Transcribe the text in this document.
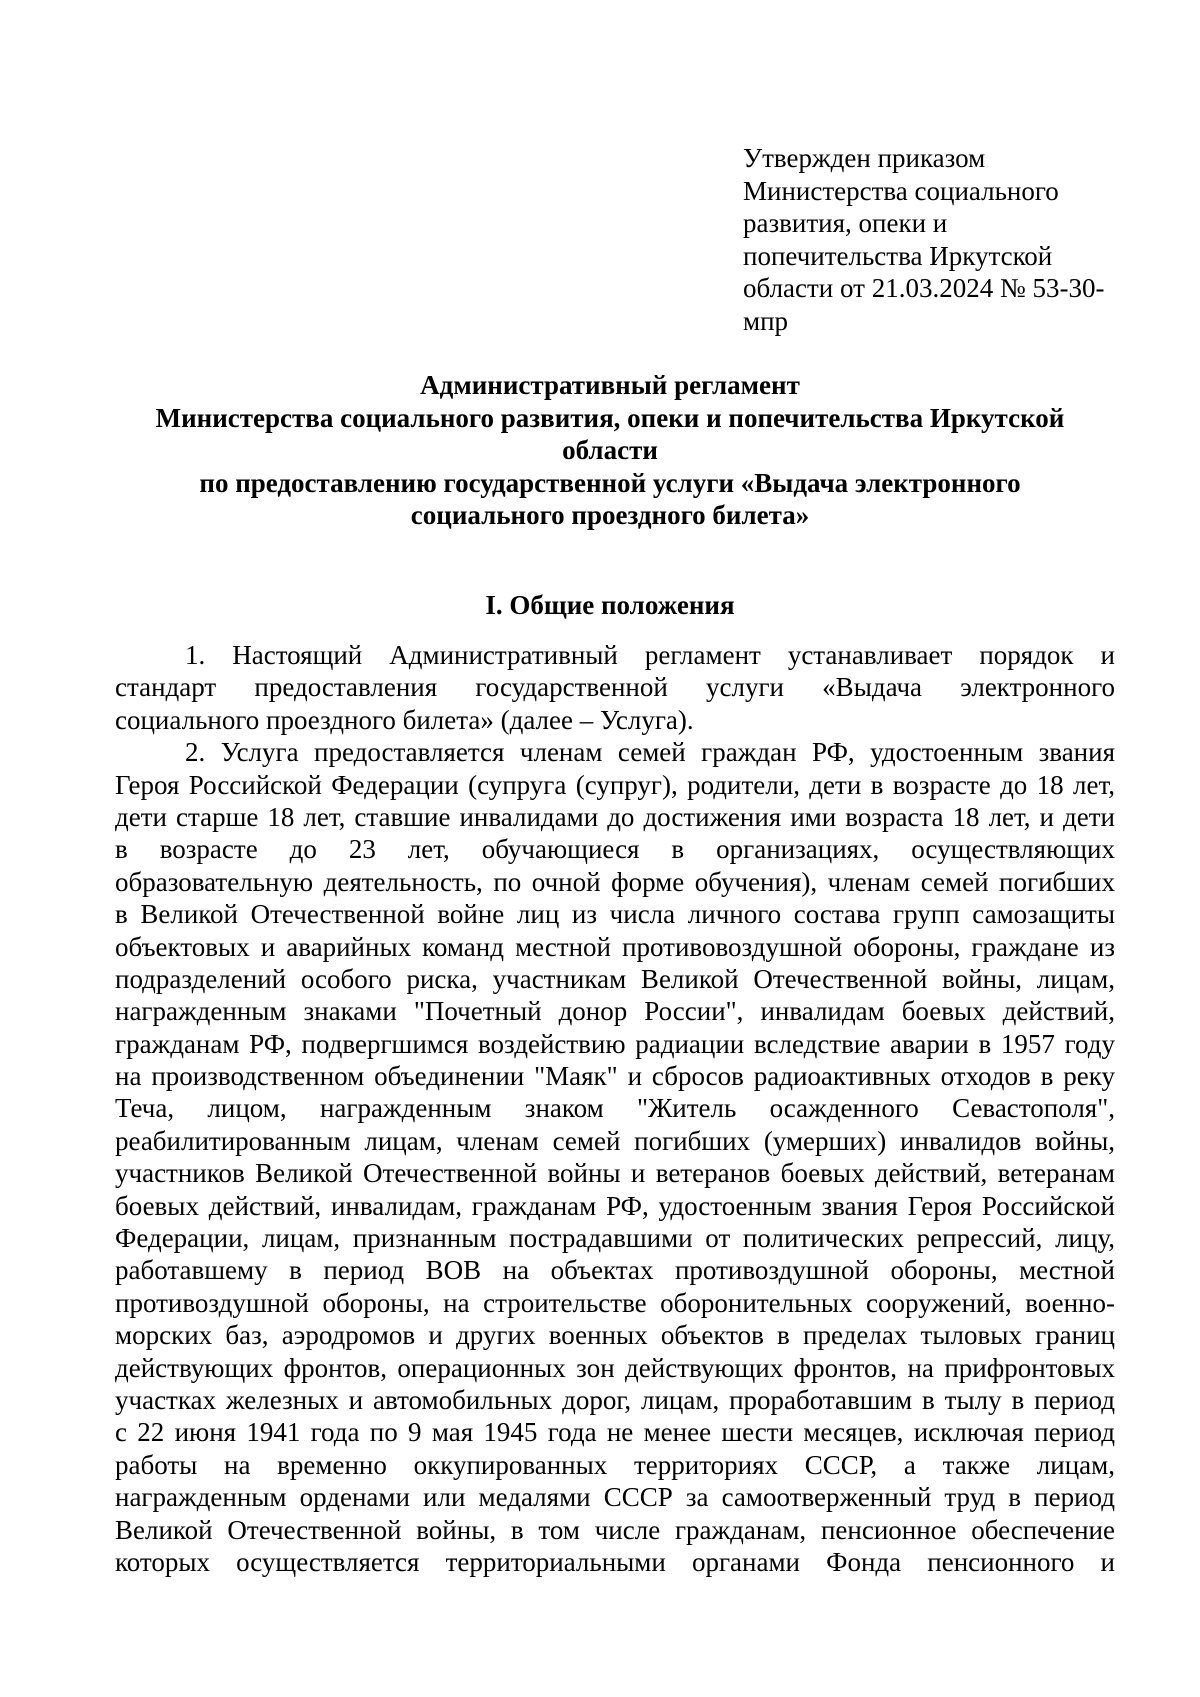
Утвержден приказом
Министерства социального
развития, опеки и
попечительства Иркутской
области от 21.03.2024 № 53-30-
мпр
Административный регламент
Министерства социального развития, опеки и попечительства Иркутской
области
по предоставлению государственной услуги «Выдача электронного
социального проездного билета»
I. Общие положения
1. Настоящий Административный регламент устанавливает порядок и
стандарт предоставления государственной услуги «Выдача электронного
социального проездного билета» (далее – Услуга).
2. Услуга предоставляется членам семей граждан РФ, удостоенным звания
Героя Российской Федерации (супруга (супруг), родители, дети в возрасте до 18 лет,
дети старше 18 лет, ставшие инвалидами до достижения ими возраста 18 лет, и дети
в возрасте до 23 лет, обучающиеся в организациях, осуществляющих
образовательную деятельность, по очной форме обучения), членам семей погибших
в Великой Отечественной войне лиц из числа личного состава групп самозащиты
объектовых и аварийных команд местной противовоздушной обороны, граждане из
подразделений особого риска, участникам Великой Отечественной войны, лицам,
награжденным знаками "Почетный донор России", инвалидам боевых действий,
гражданам РФ, подвергшимся воздействию радиации вследствие аварии в 1957 году
на производственном объединении "Маяк" и сбросов радиоактивных отходов в реку
Теча, лицом, награжденным знаком "Житель осажденного Севастополя",
реабилитированным лицам, членам семей погибших (умерших) инвалидов войны,
участников Великой Отечественной войны и ветеранов боевых действий, ветеранам
боевых действий, инвалидам, гражданам РФ, удостоенным звания Героя Российской
Федерации, лицам, признанным пострадавшими от политических репрессий, лицу,
работавшему в период ВОВ на объектах противоздушной обороны, местной
противоздушной обороны, на строительстве оборонительных сооружений, военно-
морских баз, аэродромов и других военных объектов в пределах тыловых границ
действующих фронтов, операционных зон действующих фронтов, на прифронтовых
участках железных и автомобильных дорог, лицам, проработавшим в тылу в период
с 22 июня 1941 года по 9 мая 1945 года не менее шести месяцев, исключая период
работы на временно оккупированных территориях СССР, а также лицам,
награжденным орденами или медалями СССР за самоотверженный труд в период
Великой Отечественной войны, в том числе гражданам, пенсионное обеспечение
которых осуществляется территориальными органами Фонда пенсионного и
